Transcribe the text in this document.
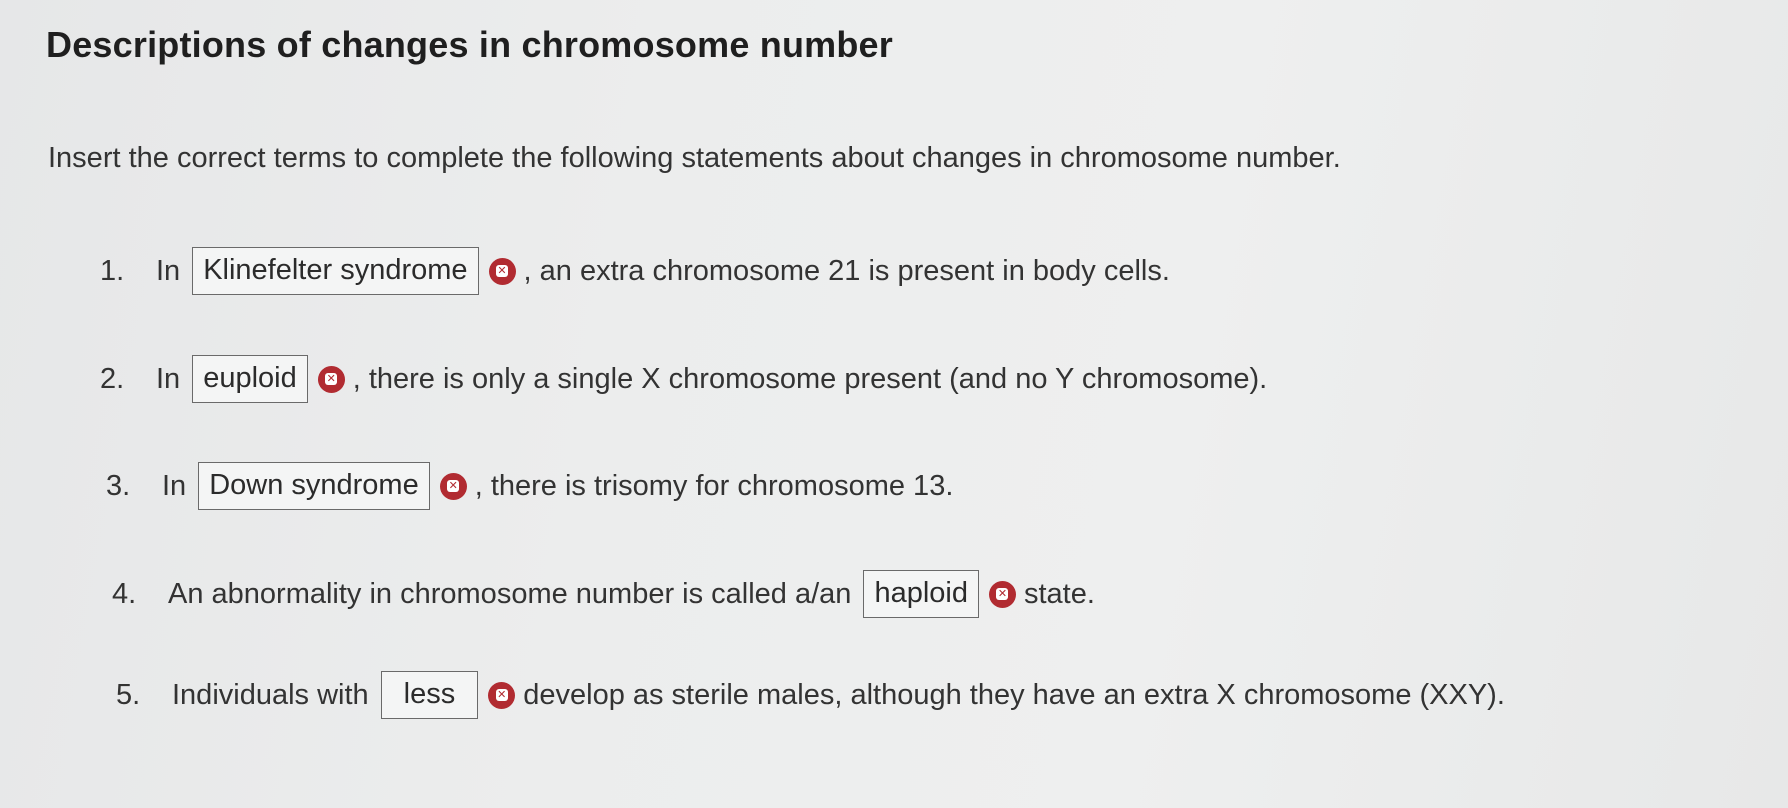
Descriptions of changes in chromosome number
Insert the correct terms to complete the following statements about changes in chromosome number.
1.	In Klinefelter syndrome	✕ , an extra chromosome 21 is present in body cells.
2.	In euploid	✕ , there is only a single X chromosome present (and no Y chromosome).
3.	In Down syndrome	✕ , there is trisomy for chromosome 13.
4.	An abnormality in chromosome number is called a/an haploid	✕ state.
5.	Individuals with	less	✕ develop as sterile males, although they have an extra X chromosome (XXY).
